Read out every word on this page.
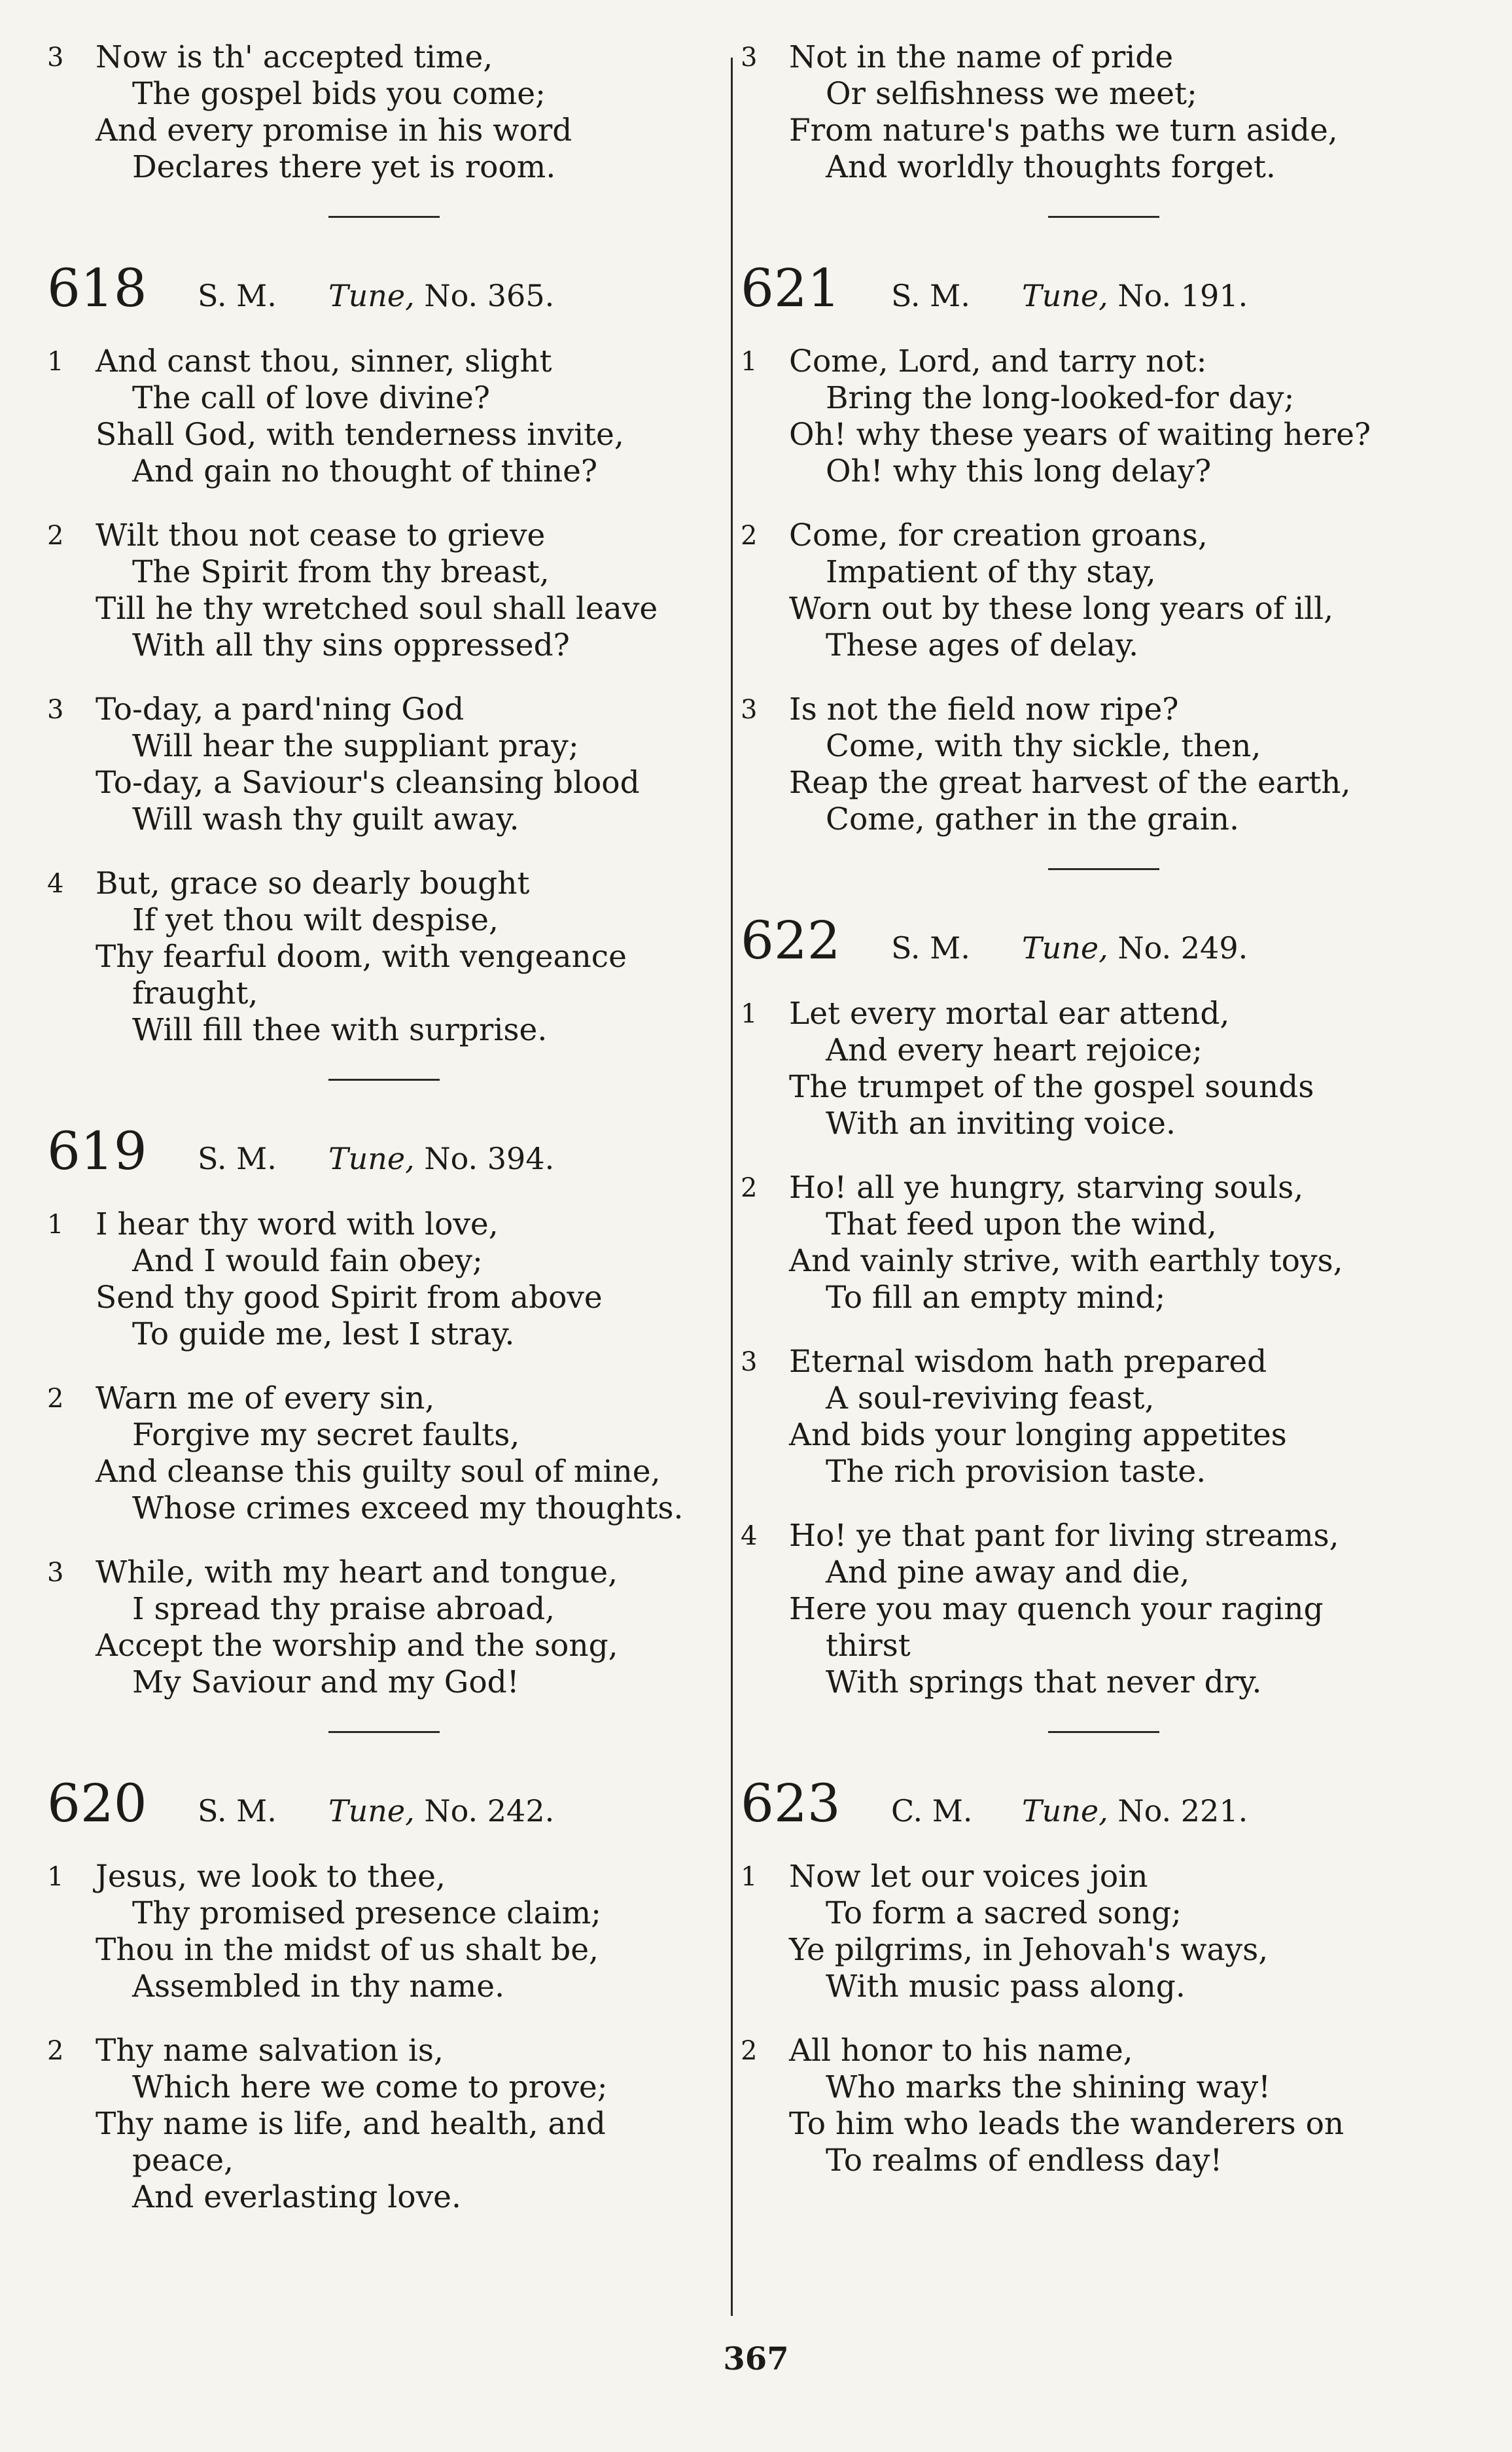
3	Now is th' accepted time,
The gospel bids you come;
And every promise in his word
Declares there yet is room.
618	S. M.	Tune, No. 365.
1	And canst thou, sinner, slight
The call of love divine?
Shall God, with tenderness invite,
And gain no thought of thine?
2	Wilt thou not cease to grieve
The Spirit from thy breast,
Till he thy wretched soul shall leave
With all thy sins oppressed?
3	To-day, a pard'ning God
Will hear the suppliant pray;
To-day, a Saviour's cleansing blood
Will wash thy guilt away.
4	But, grace so dearly bought
If yet thou wilt despise,
Thy fearful doom, with vengeance
fraught,
Will fill thee with surprise.
619	S. M.	Tune, No. 394.
1	I hear thy word with love,
And I would fain obey;
Send thy good Spirit from above
To guide me, lest I stray.
2	Warn me of every sin,
Forgive my secret faults,
And cleanse this guilty soul of mine,
Whose crimes exceed my thoughts.
3	While, with my heart and tongue,
I spread thy praise abroad,
Accept the worship and the song,
My Saviour and my God!
620	S. M.	Tune, No. 242.
1	Jesus, we look to thee,
Thy promised presence claim;
Thou in the midst of us shalt be,
Assembled in thy name.
2	Thy name salvation is,
Which here we come to prove;
Thy name is life, and health, and
peace,
And everlasting love.
3	Not in the name of pride
Or selfishness we meet;
From nature's paths we turn aside,
And worldly thoughts forget.
621	S. M.	Tune, No. 191.
1	Come, Lord, and tarry not:
Bring the long-looked-for day;
Oh! why these years of waiting here?
Oh! why this long delay?
2	Come, for creation groans,
Impatient of thy stay,
Worn out by these long years of ill,
These ages of delay.
3	Is not the field now ripe?
Come, with thy sickle, then,
Reap the great harvest of the earth,
Come, gather in the grain.
622	S. M.	Tune, No. 249.
1	Let every mortal ear attend,
And every heart rejoice;
The trumpet of the gospel sounds
With an inviting voice.
2	Ho! all ye hungry, starving souls,
That feed upon the wind,
And vainly strive, with earthly toys,
To fill an empty mind;
3	Eternal wisdom hath prepared
A soul-reviving feast,
And bids your longing appetites
The rich provision taste.
4	Ho! ye that pant for living streams,
And pine away and die,
Here you may quench your raging
thirst
With springs that never dry.
623	C. M.	Tune, No. 221.
1	Now let our voices join
To form a sacred song;
Ye pilgrims, in Jehovah's ways,
With music pass along.
2	All honor to his name,
Who marks the shining way!
To him who leads the wanderers on
To realms of endless day!
367
